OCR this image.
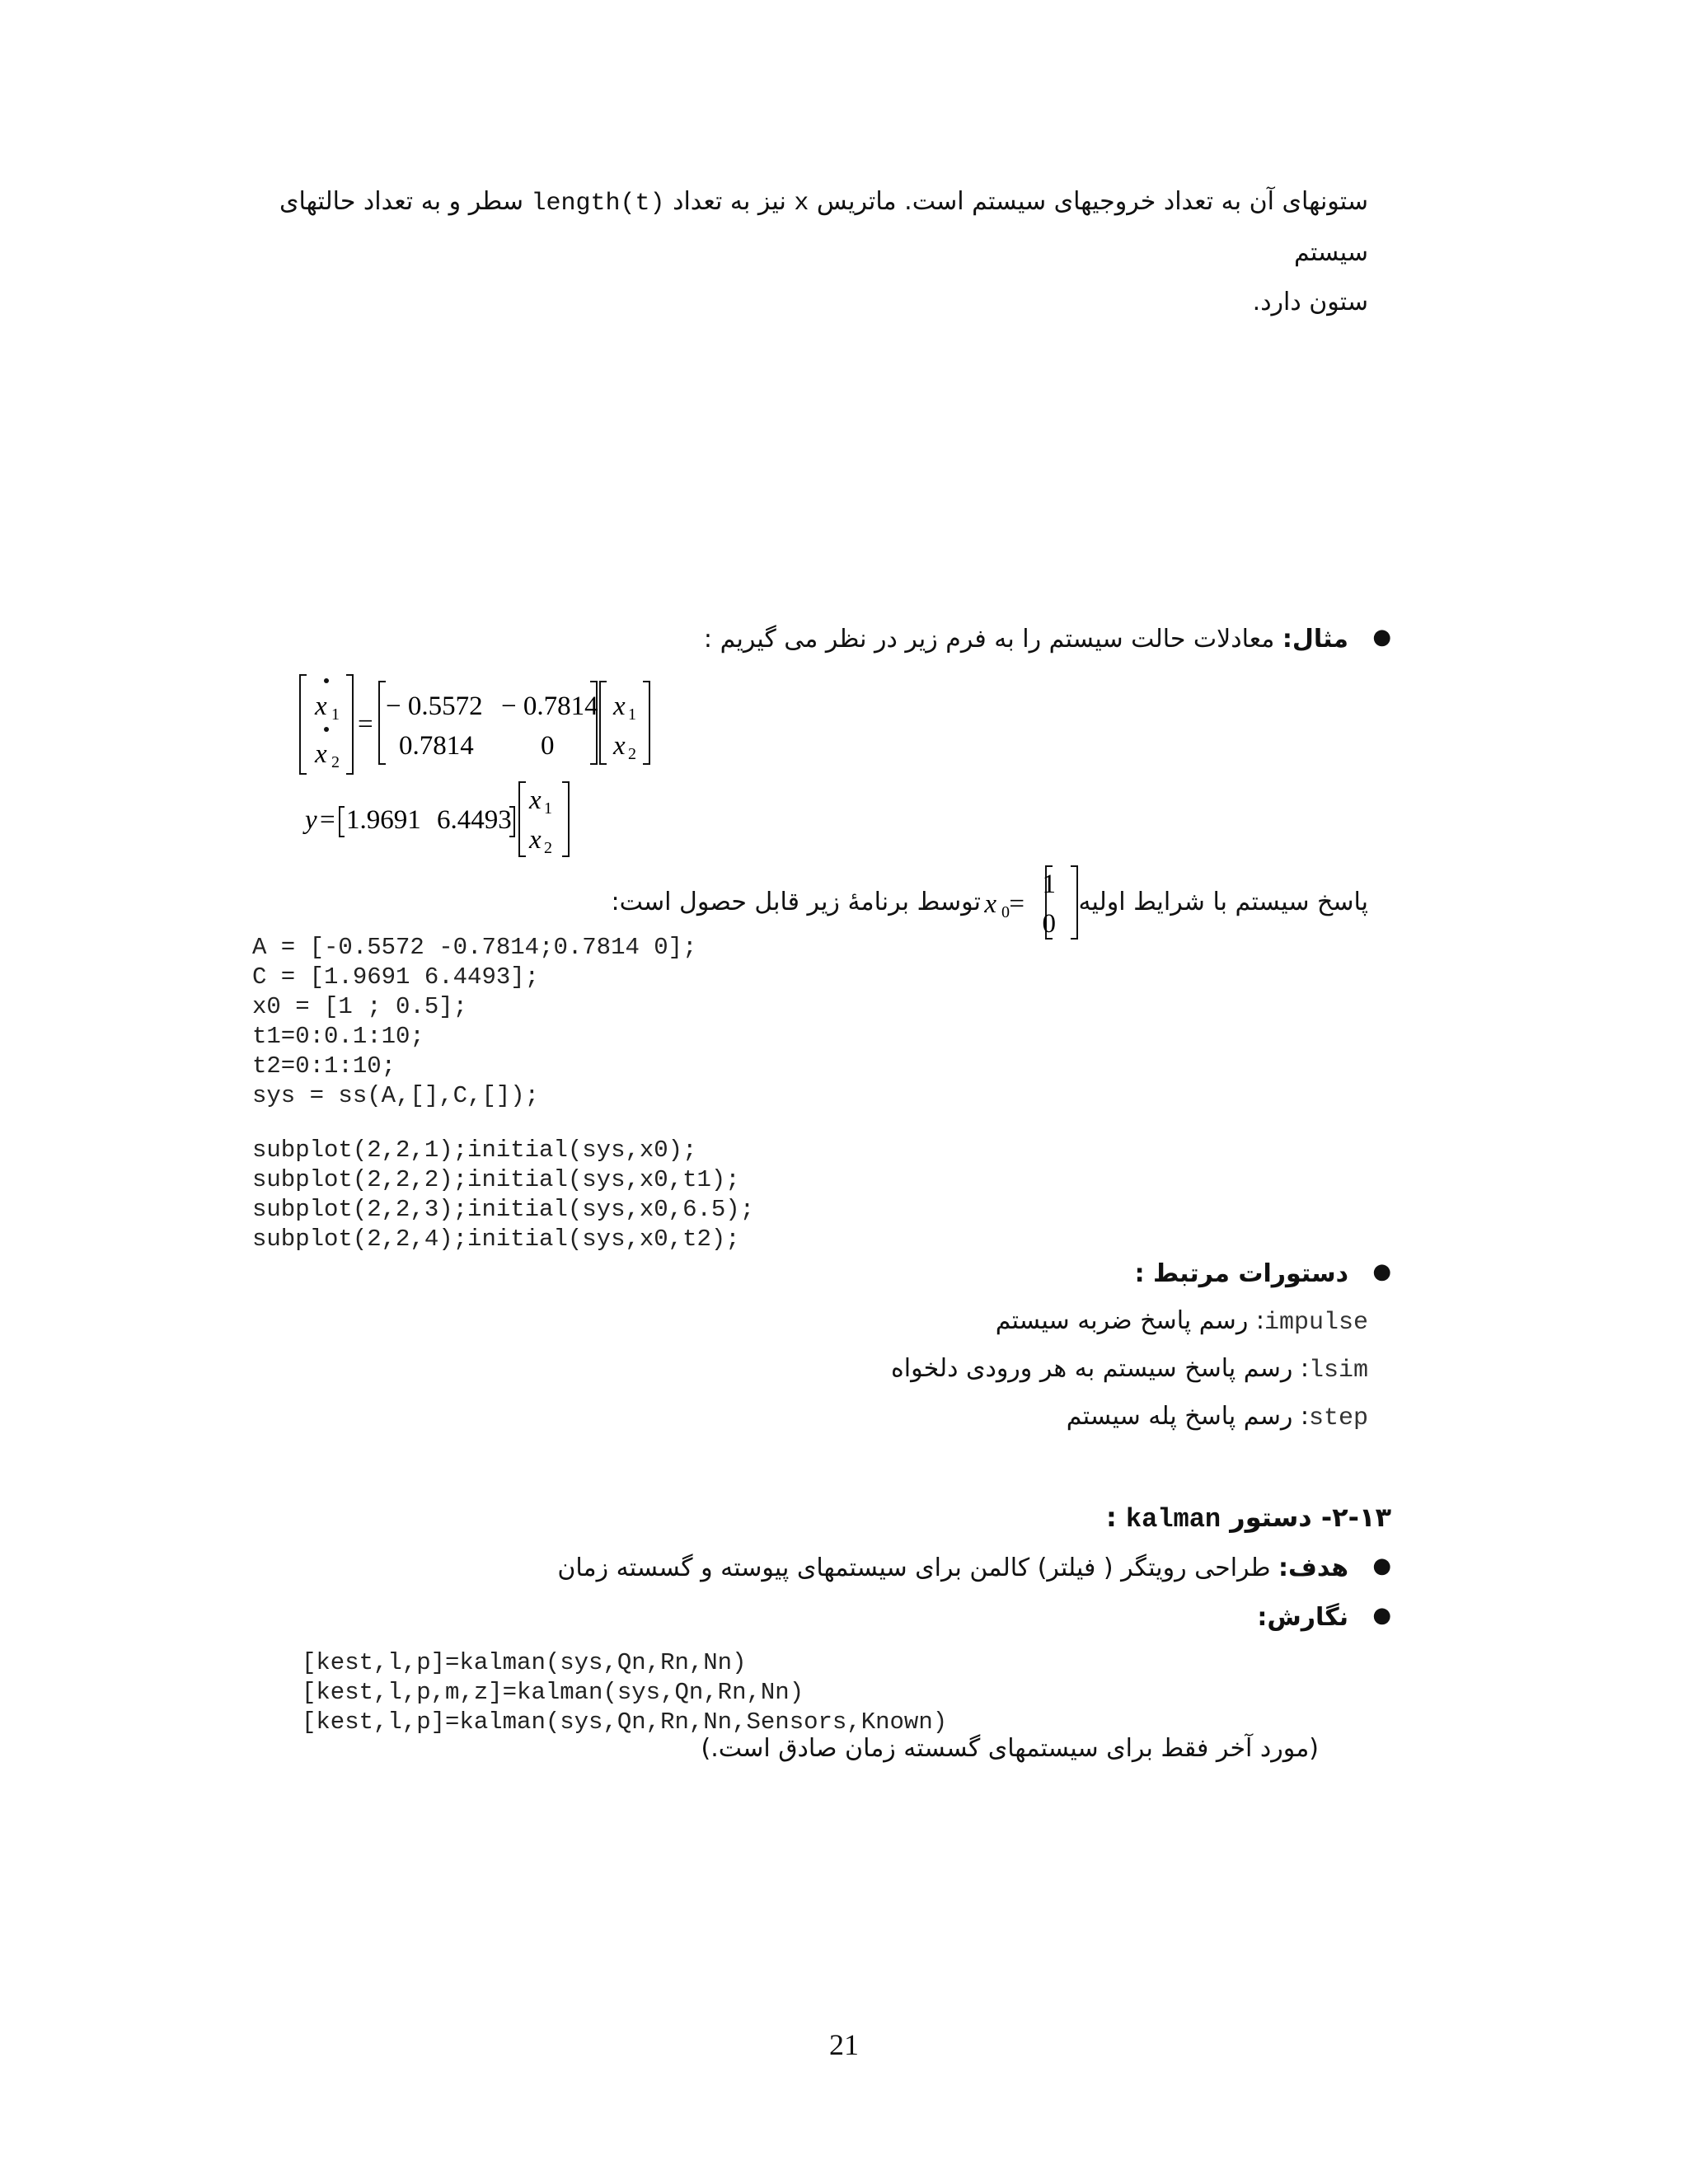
ستونهای آن به تعداد خروجیهای سیستم است. ماتریس x نیز به تعداد length(t) سطر و به تعداد حالتهای سیستم
ستون دارد.
●
مثال: معادلات حالت سیستم را به فرم زیر در نظر می گیریم :
x 1
x 2
=
− 0.5572 − 0.7814
0.7814 0
x 1
x 2
y = 1.9691 6.4493
x 1
x 2
پاسخ سیستم با شرایط اولیه
x 0 =
1
0
توسط برنامهٔ زیر قابل حصول است:
A = [-0.5572 -0.7814;0.7814 0];
C = [1.9691 6.4493];
x0 = [1 ; 0.5];
t1=0:0.1:10;
t2=0:1:10;
sys = ss(A,[],C,[]);
subplot(2,2,1);initial(sys,x0);
subplot(2,2,2);initial(sys,x0,t1);
subplot(2,2,3);initial(sys,x0,6.5);
subplot(2,2,4);initial(sys,x0,t2);
●
دستورات مرتبط :
impulse: رسم پاسخ ضربه سیستم
lsim: رسم پاسخ سیستم به هر ورودی دلخواه
step: رسم پاسخ پله سیستم
۲-۱۳- دستور kalman :
●
هدف: طراحی رویتگر ( فیلتر) کالمن برای سیستمهای پیوسته و گسسته زمان
●
نگارش:
[kest,l,p]=kalman(sys,Qn,Rn,Nn)
[kest,l,p,m,z]=kalman(sys,Qn,Rn,Nn)
[kest,l,p]=kalman(sys,Qn,Rn,Nn,Sensors,Known)
(مورد آخر فقط برای سیستمهای گسسته زمان صادق است.)
21
